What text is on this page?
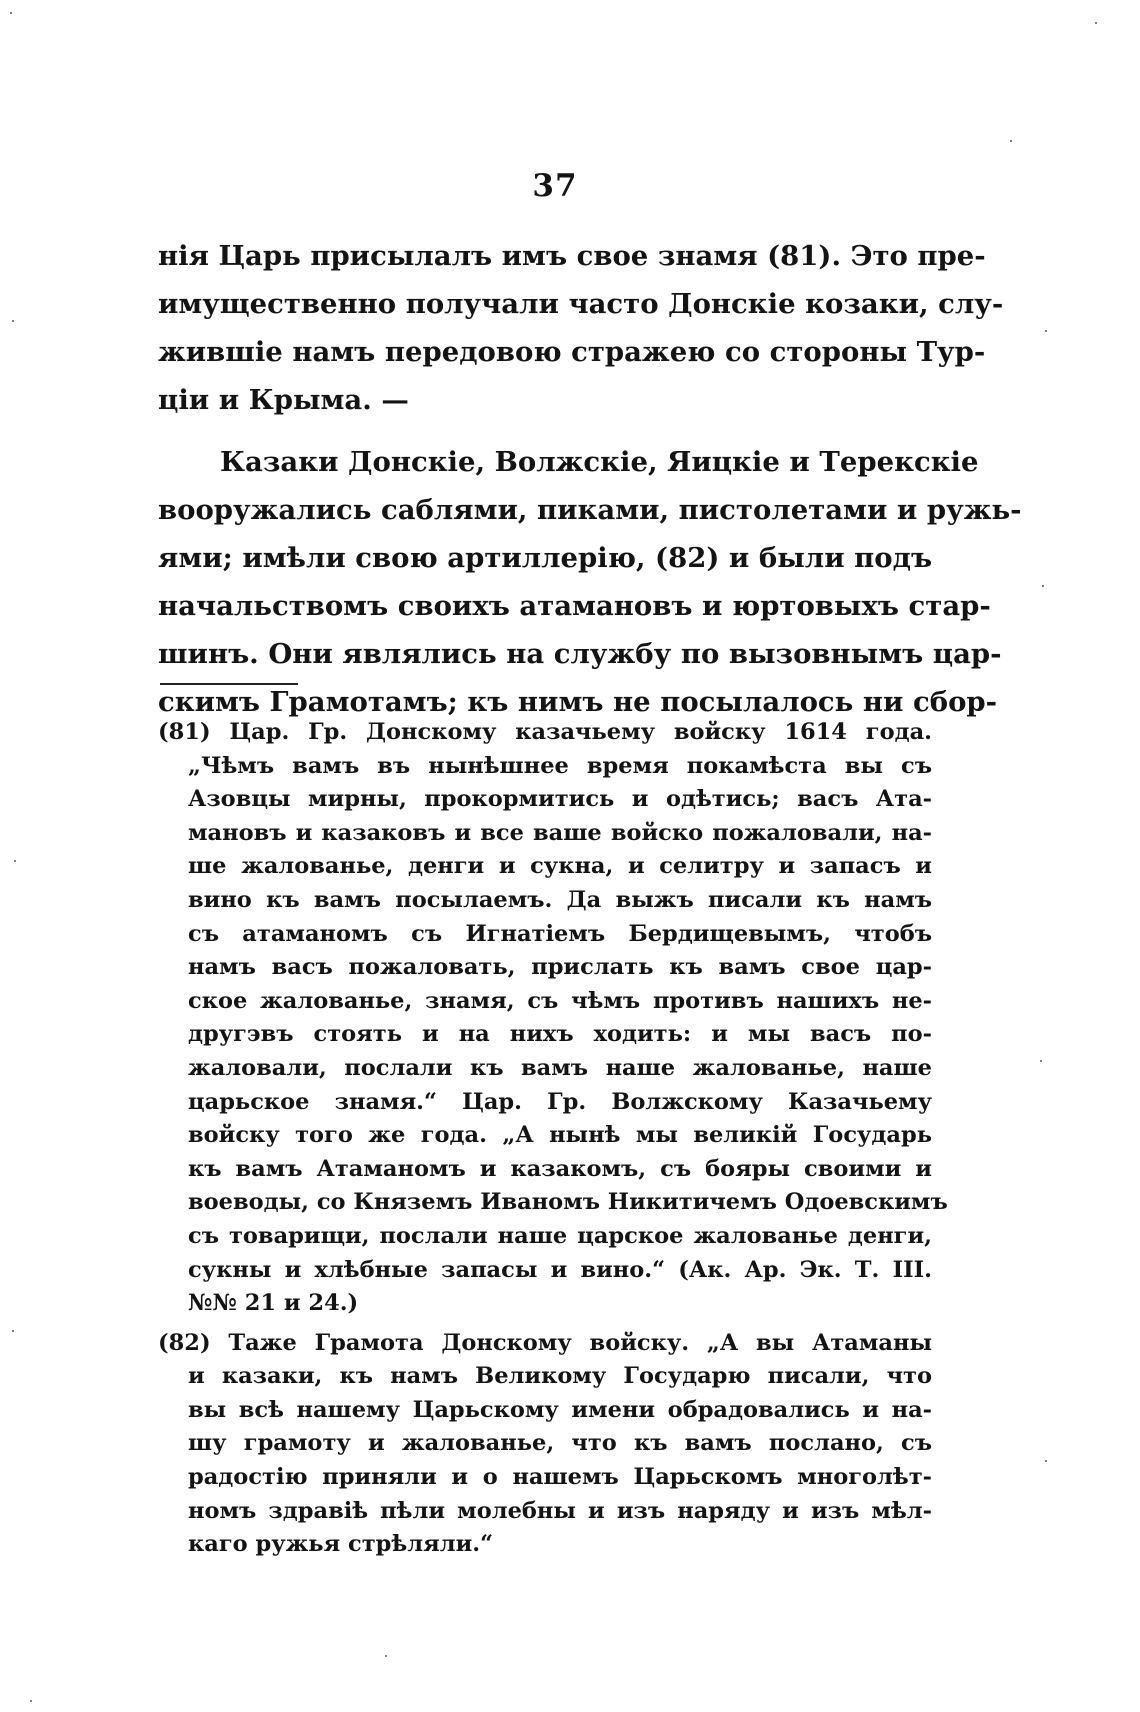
37
нія Царь присылалъ имъ свое знамя (81). Это пре-
имущественно получали часто Донскіе козаки, слу-
жившіе намъ передовою стражею со стороны Тур-
ціи и Крыма. —
Казаки Донскіе, Волжскіе, Яицкіе и Терекскіе
вооружались саблями, пиками, пистолетами и ружь-
ями; имѣли свою артиллерію, (82) и были подъ
начальствомъ своихъ атамановъ и юртовыхъ стар-
шинъ. Они являлись на службу по вызовнымъ цар-
скимъ Грамотамъ; къ нимъ не посылалось ни сбор-
(81) Цар. Гр. Донскому казачьему войску 1614 года.
„Чѣмъ вамъ въ нынѣшнее время покамѣста вы съ
Азовцы мирны, прокормитись и одѣтись; васъ Ата-
мановъ и казаковъ и все ваше войско пожаловали, на-
ше жалованье, денги и сукна, и селитру и запасъ и
вино къ вамъ посылаемъ. Да выжъ писали къ намъ
съ атаманомъ съ Игнатіемъ Бердищевымъ, чтобъ
намъ васъ пожаловать, прислать къ вамъ свое цар-
ское жалованье, знамя, съ чѣмъ противъ нашихъ не-
другэвъ стоять и на нихъ ходить: и мы васъ по-
жаловали, послали къ вамъ наше жалованье, наше
царьское знамя.“ Цар. Гр. Волжскому Казачьему
войску того же года. „А нынѣ мы великій Государь
къ вамъ Атаманомъ и казакомъ, съ бояры своими и
воеводы, со Княземъ Иваномъ Никитичемъ Одоевскимъ
съ товарищи, послали наше царское жалованье денги,
сукны и хлѣбные запасы и вино.“ (Ак. Ар. Эк. Т. III.
№№ 21 и 24.)
(82) Таже Грамота Донскому войску. „А вы Атаманы
и казаки, къ намъ Великому Государю писали, что
вы всѣ нашему Царьскому имени обрадовались и на-
шу грамоту и жалованье, что къ вамъ послано, съ
радостію приняли и о нашемъ Царьскомъ многолѣт-
номъ здравіѣ пѣли молебны и изъ наряду и изъ мѣл-
каго ружья стрѣляли.“
